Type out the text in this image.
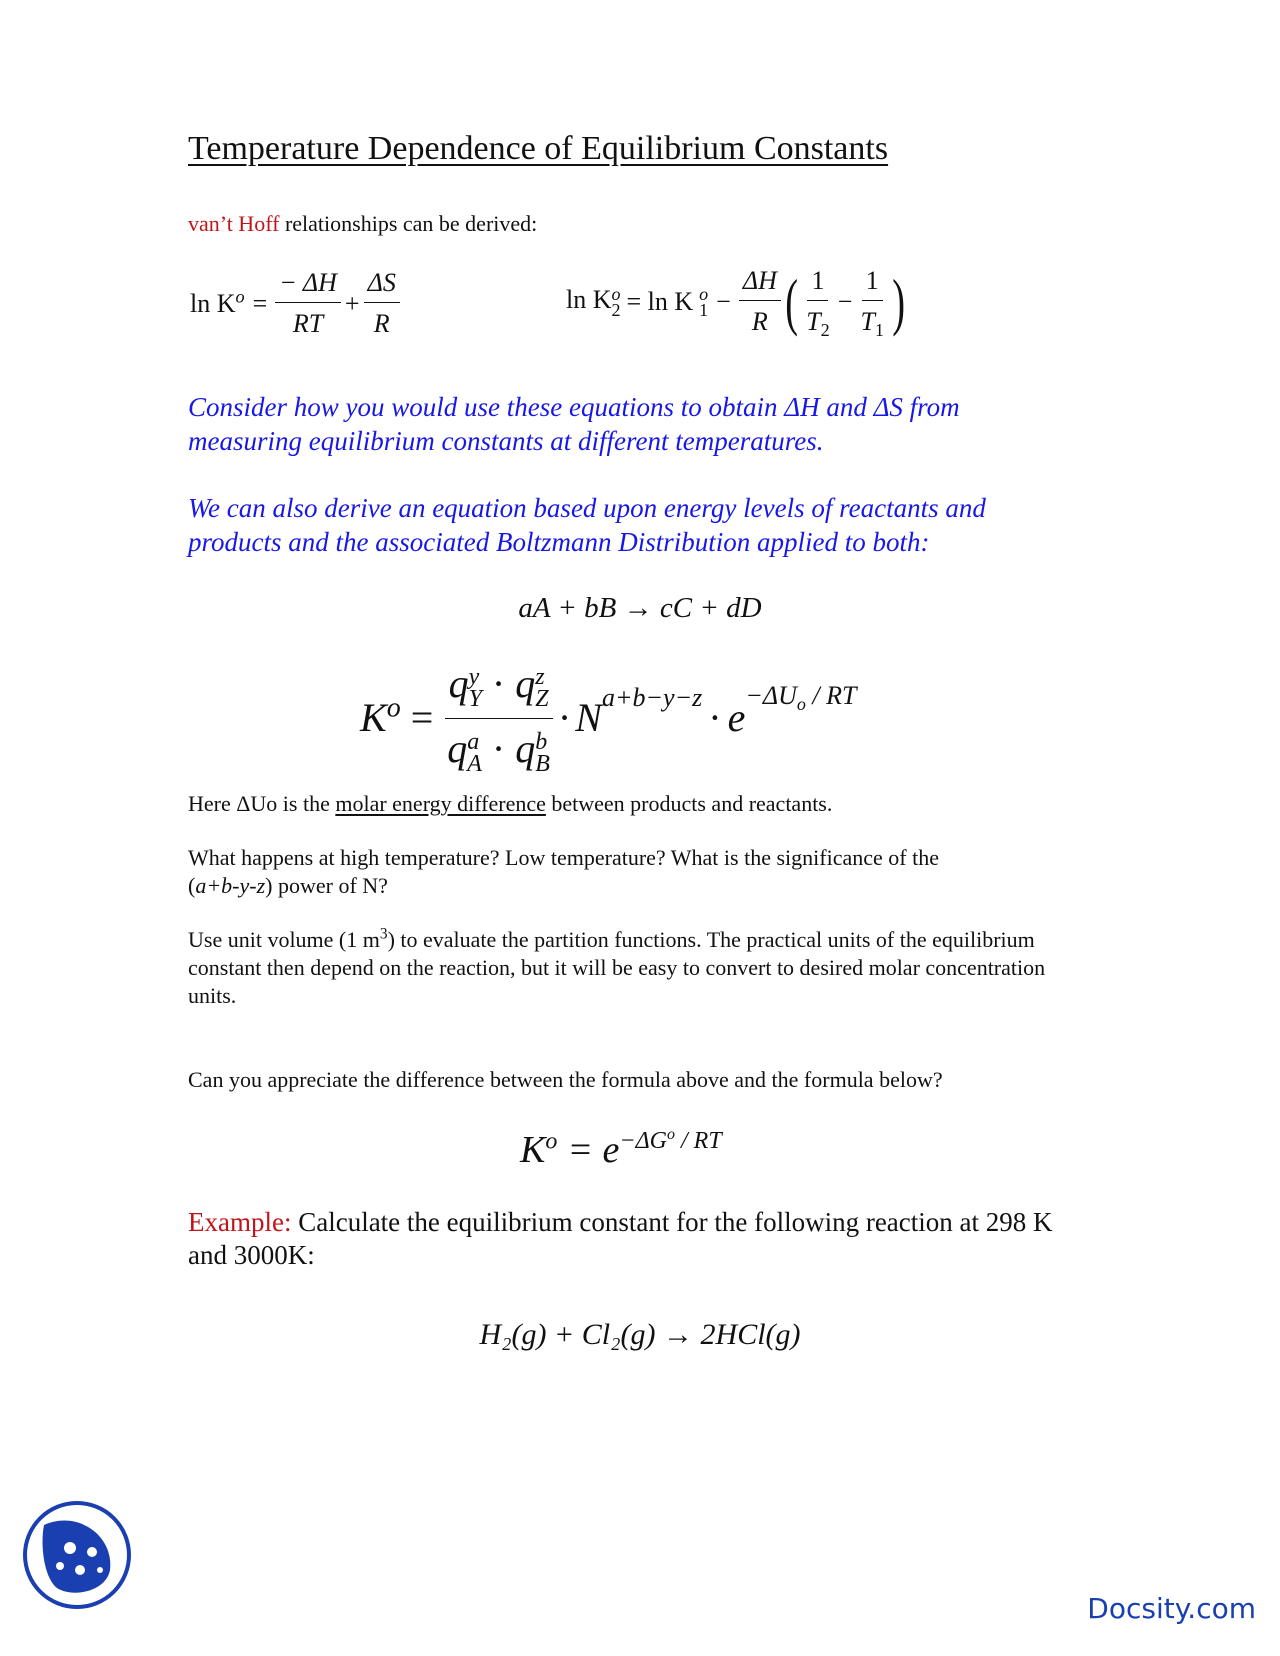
Temperature Dependence of Equilibrium Constants
van’t Hoff relationships can be derived:
$\ln K^o = \frac{- \Delta H}{RT} + \frac{\Delta S}{R}$	ln K o
2 = ln K o
$1 - \frac{\Delta H}{R}$ ( $\frac{1}{T_2} - \frac{1}{T_1}$ )
Consider how you would use these equations to obtain ΔH and ΔS from measuring equilibrium constants at different temperatures.
We can also derive an equation based upon energy levels of reactants and products and the associated Boltzmann Distribution applied to both:
aA + bB → cC + dD
$K^o = q$ y
Y · q z
Z
q a
A · q b
$B \cdot N^{a+b-y-z} \cdot e^{-\Delta U_o / RT}$
Here ΔUo is the molar energy difference between products and reactants.
What happens at high temperature? Low temperature? What is the significance of the
(a+b-y-z) power of N?
Use unit volume (1 $m^3$) to evaluate the partition functions. The practical units of the equilibrium constant then depend on the reaction, but it will be easy to convert to desired molar concentration units.
Can you appreciate the difference between the formula above and the formula below?
$K^o = e$ $^{-\Delta G^o / RT}$
Example: Calculate the equilibrium constant for the following reaction at 298 K and 3000K:
H₂(g) + Cl₂(g) → 2HCl(g)
Docsity.com
